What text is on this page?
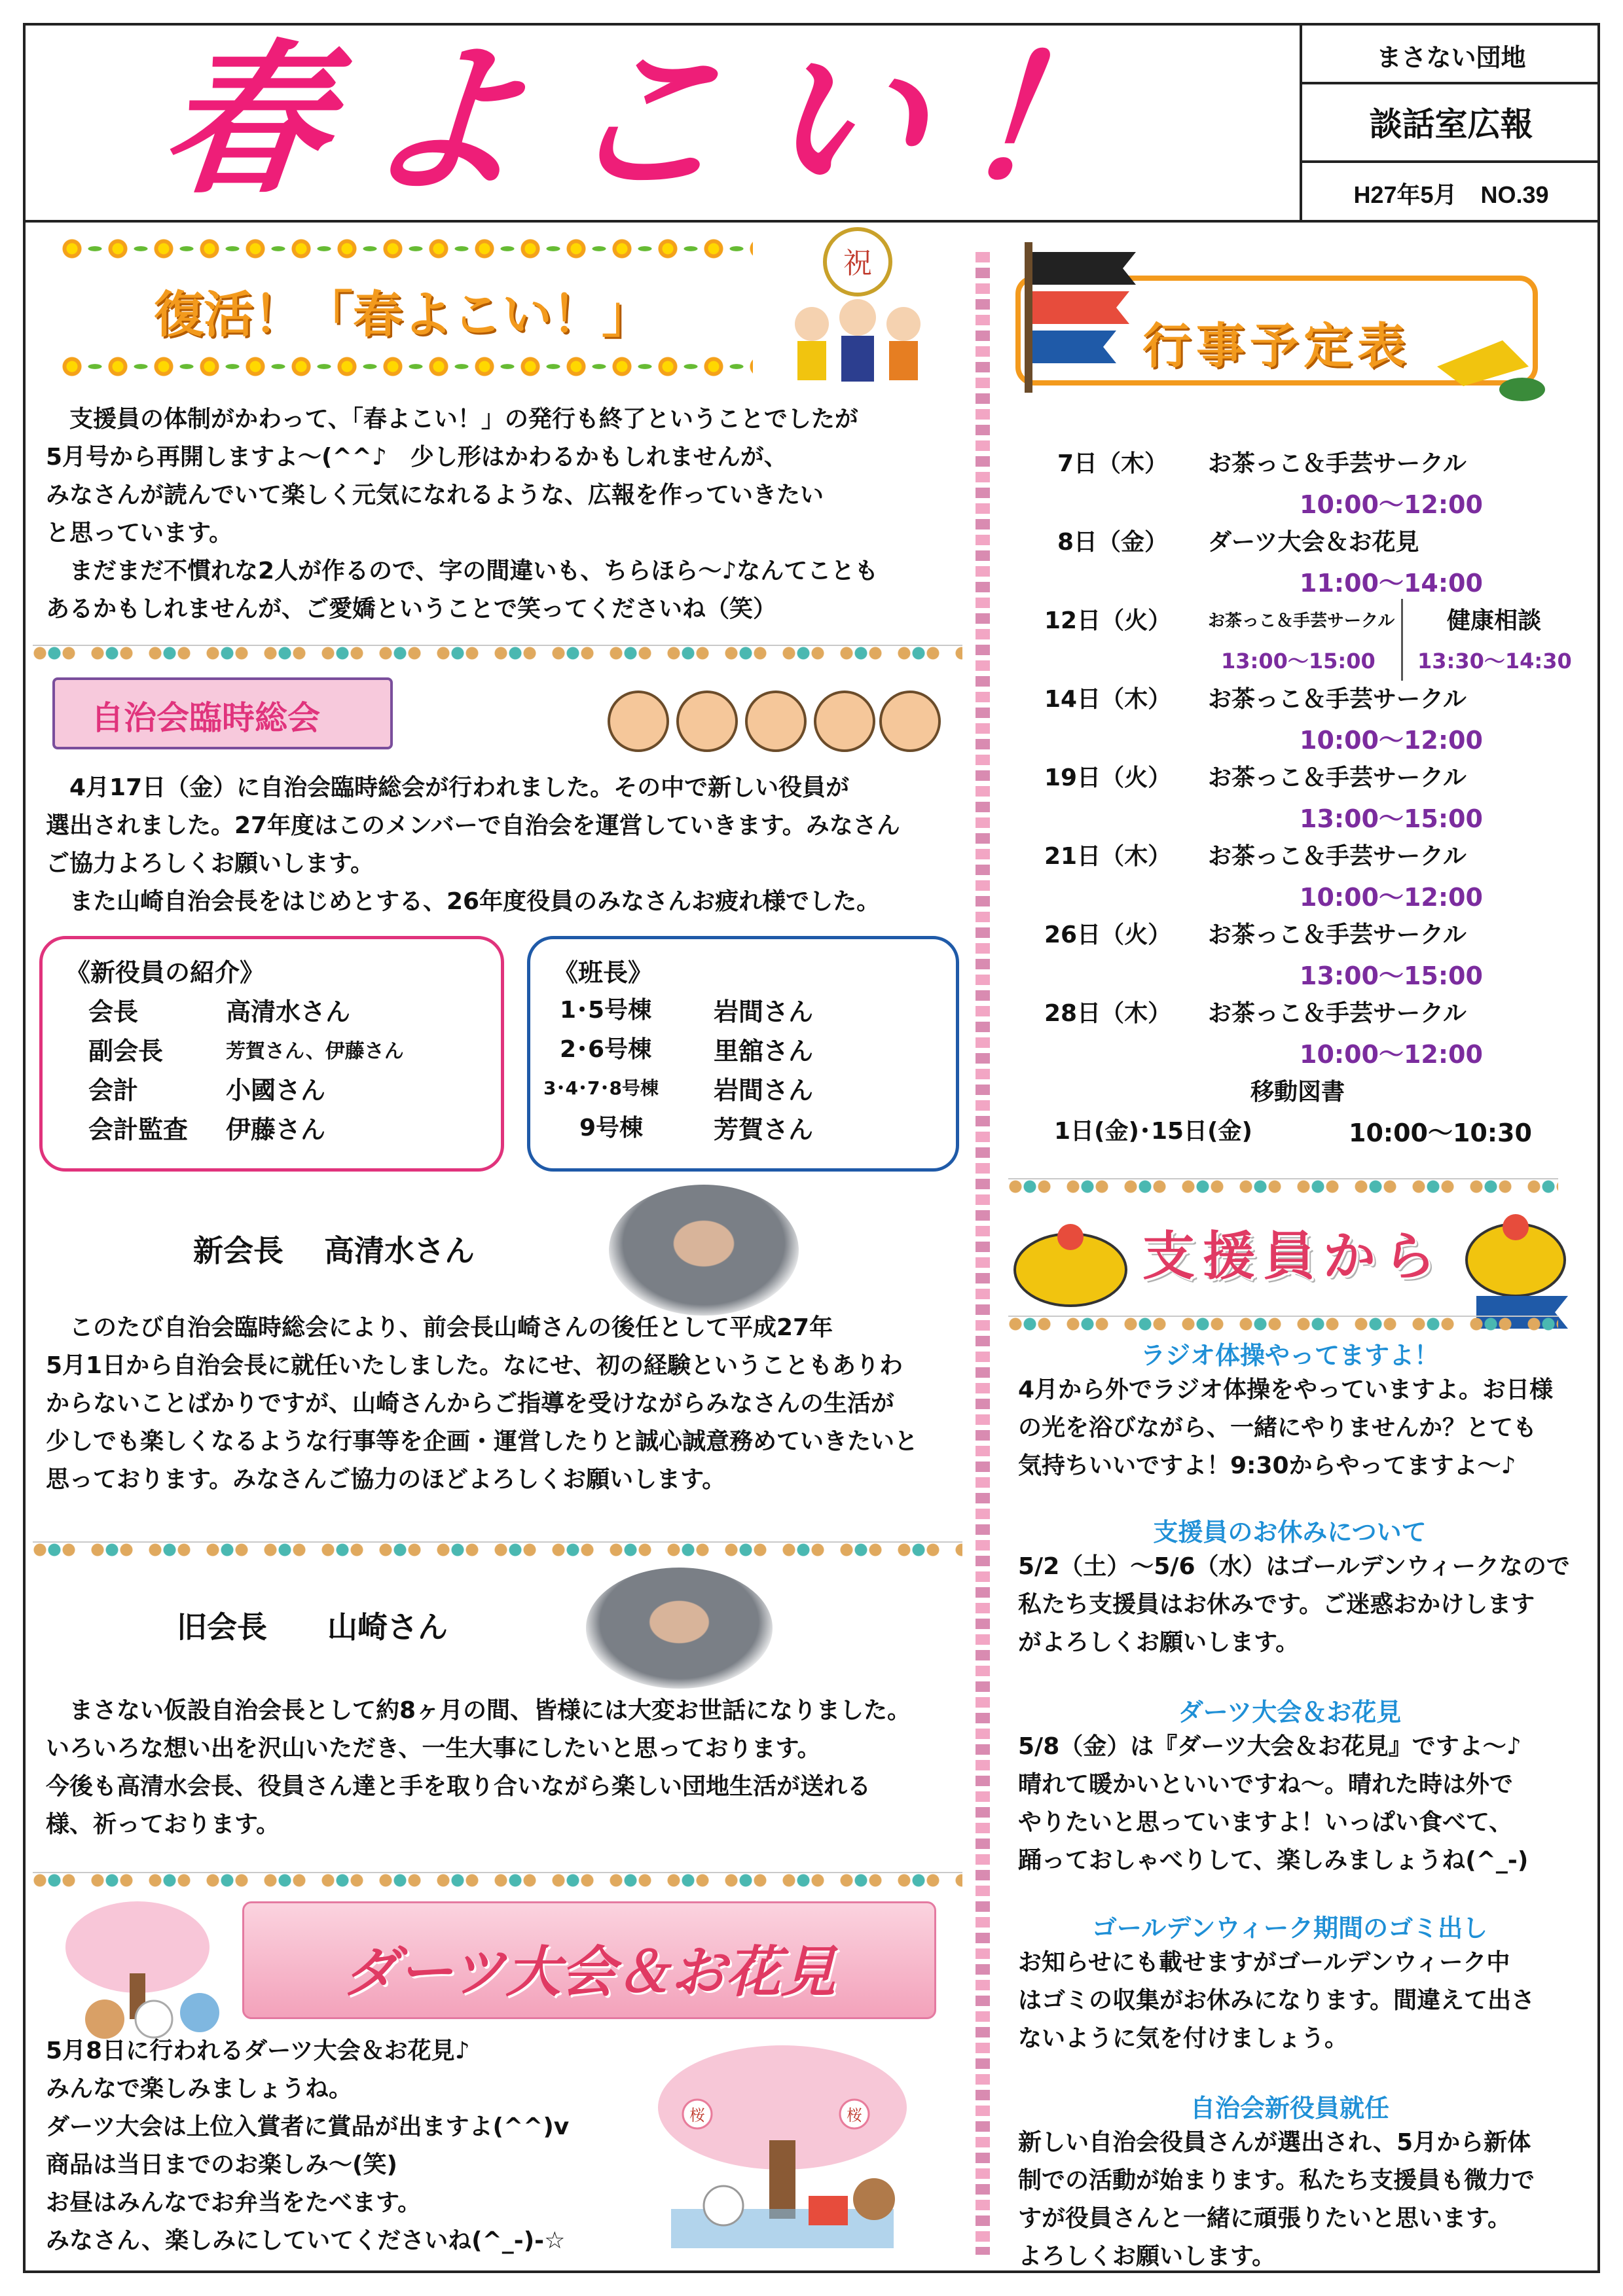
春よこい！	まさない団地
談話室広報
H27年5月　NO.39
復活！「春よこい！」
祝
　支援員の体制がかわって、「春よこい！」の発行も終了ということでしたが
5月号から再開しますよ～(^^♪　少し形はかわるかもしれませんが、
みなさんが読んでいて楽しく元気になれるような、広報を作っていきたい
と思っています。
　まだまだ不慣れな2人が作るので、字の間違いも、ちらほら～♪なんてことも
あるかもしれませんが、ご愛嬌ということで笑ってくださいね（笑）
自治会臨時総会
　4月17日（金）に自治会臨時総会が行われました。その中で新しい役員が
選出されました。27年度はこのメンバーで自治会を運営していきます。みなさん
ご協力よろしくお願いします。
　また山崎自治会長をはじめとする、26年度役員のみなさんお疲れ様でした。
《新役員の紹介》
会長	高清水さん
副会長	芳賀さん、伊藤さん
会計	小國さん
会計監査 伊藤さん
《班長》
1･5号棟 岩間さん
2･6号棟 里舘さん
3･4･7･8号棟 岩間さん
9号棟	芳賀さん
新会長　 高清水さん
　このたび自治会臨時総会により、前会長山崎さんの後任として平成27年
5月1日から自治会長に就任いたしました。なにせ、初の経験ということもありわ
からないことばかりですが、山崎さんからご指導を受けながらみなさんの生活が
少しでも楽しくなるような行事等を企画・運営したりと誠心誠意務めていきたいと
思っております。みなさんご協力のほどよろしくお願いします。
旧会長　　山崎さん
　まさない仮設自治会長として約8ヶ月の間、皆様には大変お世話になりました。
いろいろな想い出を沢山いただき、一生大事にしたいと思っております。
今後も高清水会長、役員さん達と手を取り合いながら楽しい団地生活が送れる
様、祈っております。
ダーツ大会＆お花見
5月8日に行われるダーツ大会＆お花見♪
みんなで楽しみましょうね。
ダーツ大会は上位入賞者に賞品が出ますよ(^^)v
商品は当日までのお楽しみ～(笑)
お昼はみんなでお弁当をたべます。
みなさん、楽しみにしていてくださいね(^_-)-☆
桜	桜
行事予定表
7日（木） お茶っこ＆手芸サークル
10:00～12:00
8日（金） ダーツ大会＆お花見
11:00～14:00
12日（火） お茶っこ＆手芸サークル 健康相談
13:00～15:00 13:30～14:30
14日（木） お茶っこ＆手芸サークル
10:00～12:00
19日（火） お茶っこ＆手芸サークル
13:00～15:00
21日（木） お茶っこ＆手芸サークル
10:00～12:00
26日（火） お茶っこ＆手芸サークル
13:00～15:00
28日（木） お茶っこ＆手芸サークル
10:00～12:00
移動図書
1日(金)･15日(金)	10:00～10:30
支援員から
ラジオ体操やってますよ！
4月から外でラジオ体操をやっていますよ。お日様
の光を浴びながら、一緒にやりませんか？とても
気持ちいいですよ！9:30からやってますよ～♪
支援員のお休みについて
5/2（土）～5/6（水）はゴールデンウィークなので
私たち支援員はお休みです。ご迷惑おかけします
がよろしくお願いします。
ダーツ大会＆お花見
5/8（金）は『ダーツ大会＆お花見』ですよ～♪
晴れて暖かいといいですね～。晴れた時は外で
やりたいと思っていますよ！いっぱい食べて、
踊っておしゃべりして、楽しみましょうね(^_-)
ゴールデンウィーク期間のゴミ出し
お知らせにも載せますがゴールデンウィーク中
はゴミの収集がお休みになります。間違えて出さ
ないように気を付けましょう。
自治会新役員就任
新しい自治会役員さんが選出され、5月から新体
制での活動が始まります。私たち支援員も微力で
すが役員さんと一緒に頑張りたいと思います。
よろしくお願いします。
